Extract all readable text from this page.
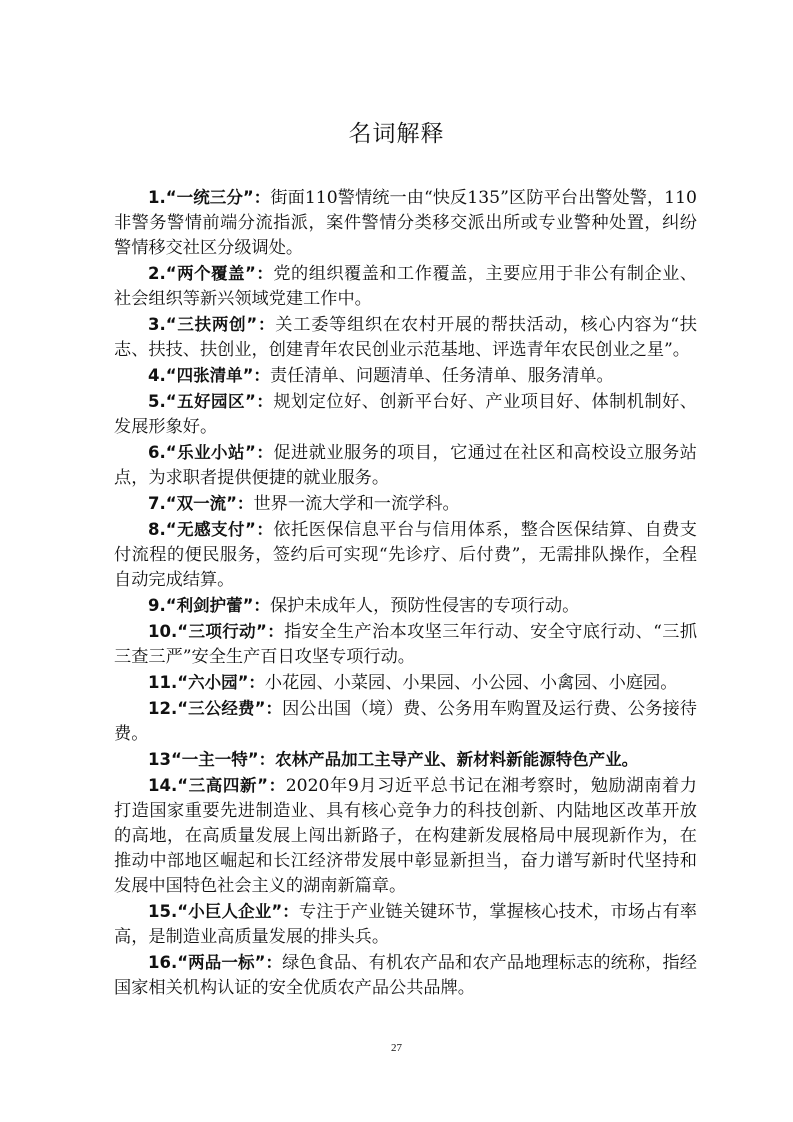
名词解释

1.“一统三分”：街面110警情统一由“快反135”区防平台出警处警，110非警务警情前端分流指派，案件警情分类移交派出所或专业警种处置，纠纷警情移交社区分级调处。

2.“两个覆盖”：党的组织覆盖和工作覆盖，主要应用于非公有制企业、社会组织等新兴领域党建工作中。

3.“三扶两创”：关工委等组织在农村开展的帮扶活动，核心内容为“扶志、扶技、扶创业，创建青年农民创业示范基地、评选青年农民创业之星”。

4.“四张清单”：责任清单、问题清单、任务清单、服务清单。

5.“五好园区”：规划定位好、创新平台好、产业项目好、体制机制好、发展形象好。

6.“乐业小站”：促进就业服务的项目，它通过在社区和高校设立服务站点，为求职者提供便捷的就业服务。

7.“双一流”：世界一流大学和一流学科。

8.“无感支付”：依托医保信息平台与信用体系，整合医保结算、自费支付流程的便民服务，签约后可实现“先诊疗、后付费”，无需排队操作，全程自动完成结算。

9.“利剑护蕾”：保护未成年人，预防性侵害的专项行动。

10.“三项行动”：指安全生产治本攻坚三年行动、安全守底行动、“三抓三查三严”安全生产百日攻坚专项行动。

11.“六小园”：小花园、小菜园、小果园、小公园、小禽园、小庭园。

12.“三公经费”：因公出国（境）费、公务用车购置及运行费、公务接待费。

13“一主一特”：农林产品加工主导产业、新材料新能源特色产业。

14.“三高四新”：2020年9月习近平总书记在湘考察时，勉励湖南着力打造国家重要先进制造业、具有核心竞争力的科技创新、内陆地区改革开放的高地，在高质量发展上闯出新路子，在构建新发展格局中展现新作为，在推动中部地区崛起和长江经济带发展中彰显新担当，奋力谱写新时代坚持和发展中国特色社会主义的湖南新篇章。

15.“小巨人企业”：专注于产业链关键环节，掌握核心技术，市场占有率高，是制造业高质量发展的排头兵。

16.“两品一标”：绿色食品、有机农产品和农产品地理标志的统称，指经国家相关机构认证的安全优质农产品公共品牌。

27
